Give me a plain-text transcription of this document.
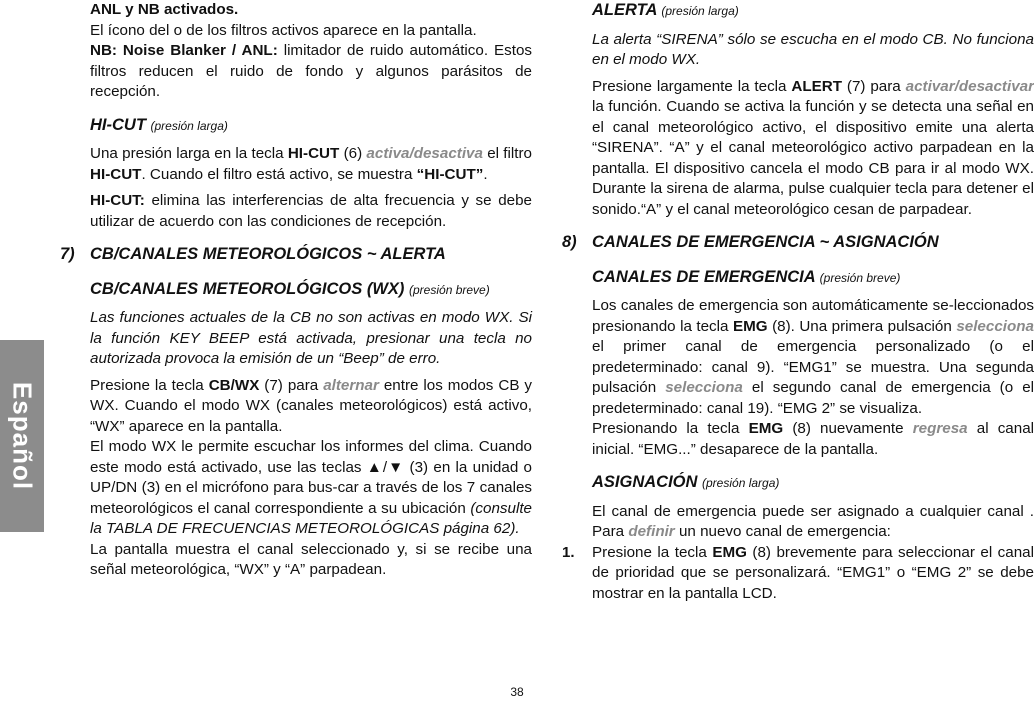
Español

ANL y NB activados.

El ícono del o de los filtros activos aparece en la pantalla.

NB: Noise Blanker / ANL: limitador de ruido automático. Estos filtros reducen el ruido de fondo y algunos parásitos de recepción.

HI-CUT (presión larga)

Una presión larga en la tecla HI-CUT (6) activa/desactiva el filtro HI-CUT. Cuando el filtro está activo, se muestra “HI-CUT”.

HI-CUT: elimina las interferencias de alta frecuencia y se debe utilizar de acuerdo con las condiciones de recepción.

7) CB/CANALES METEOROLÓGICOS ~ ALERTA
CB/CANALES METEOROLÓGICOS (WX) (presión breve)

Las funciones actuales de la CB no son activas en modo WX. Si la función KEY BEEP está activada, presionar una tecla no autorizada provoca la emisión de un “Beep” de erro.

Presione la tecla CB/WX (7) para alternar entre los modos CB y WX. Cuando el modo WX (canales meteorológicos) está activo, “WX” aparece en la pantalla.

El modo WX le permite escuchar los informes del clima. Cuando este modo está activado, use las teclas ▲/▼ (3) en la unidad o UP/DN (3) en el micrófono para bus-car a través de los 7 canales meteorológicos el canal correspondiente a su ubicación (consulte la TABLA DE FRECUENCIAS METEOROLÓGICAS página 62).

La pantalla muestra el canal seleccionado y, si se recibe una señal meteorológica, “WX” y “A” parpadean.

ALERTA (presión larga)

La alerta “SIRENA” sólo se escucha en el modo CB. No funciona en el modo WX.

Presione largamente la tecla ALERT (7) para activar/desactivar la función. Cuando se activa la función y se detecta una señal en el canal meteorológico activo, el dispositivo emite una alerta “SIRENA”. “A” y el canal meteorológico activo parpadean en la pantalla. El dispositivo cancela el modo CB para ir al modo WX. Durante la sirena de alarma, pulse cualquier tecla para detener el sonido.“A” y el canal meteorológico cesan de parpadear.

8) CANALES DE EMERGENCIA ~ ASIGNACIÓN
CANALES DE EMERGENCIA (presión breve)

Los canales de emergencia son automáticamente se-leccionados presionando la tecla EMG (8). Una primera pulsación selecciona el primer canal de emergencia personalizado (o el predeterminado: canal 9). “EMG1” se muestra. Una segunda pulsación selecciona el segundo canal de emergencia (o el predeterminado: canal 19). “EMG 2” se visualiza.

Presionando la tecla EMG (8) nuevamente regresa al canal inicial. “EMG...” desaparece de la pantalla.

ASIGNACIÓN (presión larga)

El canal de emergencia puede ser asignado a cualquier canal . Para definir un nuevo canal de emergencia:

1. Presione la tecla EMG (8) brevemente para seleccionar el canal de prioridad que se personalizará. “EMG1” o “EMG 2” se debe mostrar en la pantalla LCD.

38
